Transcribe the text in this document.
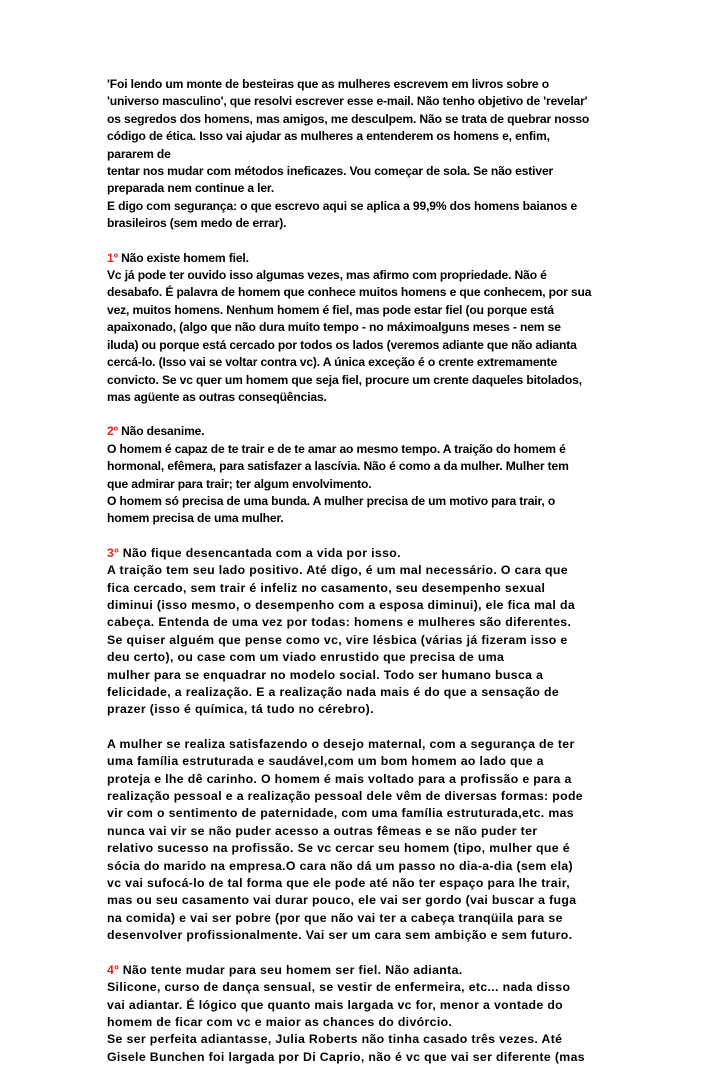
'Foi lendo um monte de besteiras que as mulheres escrevem em livros sobre o
'universo masculino', que resolvi escrever esse e-mail. Não tenho objetivo de 'revelar'
os segredos dos homens, mas amigos, me desculpem. Não se trata de quebrar nosso
código de ética. Isso vai ajudar as mulheres a entenderem os homens e, enfim,
pararem de
tentar nos mudar com métodos ineficazes. Vou começar de sola. Se não estiver
preparada nem continue a ler.
E digo com segurança: o que escrevo aqui se aplica a 99,9% dos homens baianos e
brasileiros (sem medo de errar).
1º Não existe homem fiel.
Vc já pode ter ouvido isso algumas vezes, mas afirmo com propriedade. Não é
desabafo. É palavra de homem que conhece muitos homens e que conhecem, por sua
vez, muitos homens. Nenhum homem é fiel, mas pode estar fiel (ou porque está
apaixonado, (algo que não dura muito tempo - no máximoalguns meses - nem se
iluda) ou porque está cercado por todos os lados (veremos adiante que não adianta
cercá-lo. (Isso vai se voltar contra vc). A única exceção é o crente extremamente
convicto. Se vc quer um homem que seja fiel, procure um crente daqueles bitolados,
mas agüente as outras conseqüências.
2º Não desanime.
O homem é capaz de te trair e de te amar ao mesmo tempo. A traição do homem é
hormonal, efêmera, para satisfazer a lascívia. Não é como a da mulher. Mulher tem
que admirar para trair; ter algum envolvimento.
O homem só precisa de uma bunda. A mulher precisa de um motivo para trair, o
homem precisa de uma mulher.
3º Não fique desencantada com a vida por isso.
A traição tem seu lado positivo. Até digo, é um mal necessário. O cara que
fica cercado, sem trair é infeliz no casamento, seu desempenho sexual
diminui (isso mesmo, o desempenho com a esposa diminui), ele fica mal da
cabeça. Entenda de uma vez por todas: homens e mulheres são diferentes.
Se quiser alguém que pense como vc, vire lésbica (várias já fizeram isso e
deu certo), ou case com um viado enrustido que precisa de uma
mulher para se enquadrar no modelo social. Todo ser humano busca a
felicidade, a realização. E a realização nada mais é do que a sensação de
prazer (isso é química, tá tudo no cérebro).
A mulher se realiza satisfazendo o desejo maternal, com a segurança de ter
uma família estruturada e saudável,com um bom homem ao lado que a
proteja e lhe dê carinho. O homem é mais voltado para a profissão e para a
realização pessoal e a realização pessoal dele vêm de diversas formas: pode
vir com o sentimento de paternidade, com uma família estruturada,etc. mas
nunca vai vir se não puder acesso a outras fêmeas e se não puder ter
relativo sucesso na profissão. Se vc cercar seu homem (tipo, mulher que é
sócia do marido na empresa.O cara não dá um passo no dia-a-dia (sem ela)
vc vai sufocá-lo de tal forma que ele pode até não ter espaço para lhe trair,
mas ou seu casamento vai durar pouco, ele vai ser gordo (vai buscar a fuga
na comida) e vai ser pobre (por que não vai ter a cabeça tranqüila para se
desenvolver profissionalmente. Vai ser um cara sem ambição e sem futuro.
4º Não tente mudar para seu homem ser fiel. Não adianta.
Silicone, curso de dança sensual, se vestir de enfermeira, etc... nada disso
vai adiantar. É lógico que quanto mais largada vc for, menor a vontade do
homem de ficar com vc e maior as chances do divórcio.
Se ser perfeita adiantasse, Julia Roberts não tinha casado três vezes. Até
Gisele Bunchen foi largada por Di Caprio, não é vc que vai ser diferente (mas
